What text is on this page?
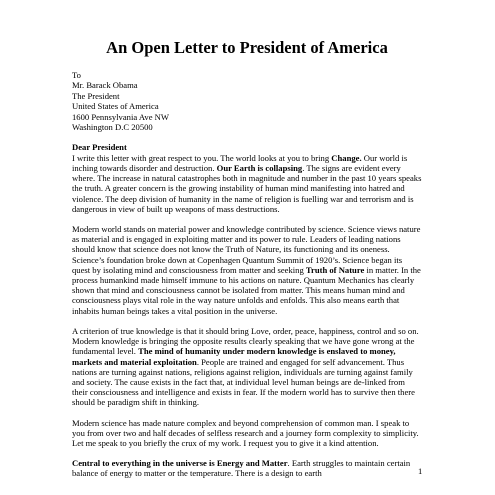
An Open Letter to President of America
To
Mr. Barack Obama
The President
United States of America
1600 Pennsylvania Ave NW
Washington D.C 20500
Dear President
I write this letter with great respect to you. The world looks at you to bring Change. Our world is inching towards disorder and destruction. Our Earth is collapsing. The signs are evident every where. The increase in natural catastrophes both in magnitude and number in the past 10 years speaks the truth. A greater concern is the growing instability of human mind manifesting into hatred and violence. The deep division of humanity in the name of religion is fuelling war and terrorism and is dangerous in view of built up weapons of mass destructions.
Modern world stands on material power and knowledge contributed by science. Science views nature as material and is engaged in exploiting matter and its power to rule. Leaders of leading nations should know that science does not know the Truth of Nature, its functioning and its oneness. Science’s foundation broke down at Copenhagen Quantum Summit of 1920’s. Science began its quest by isolating mind and consciousness from matter and seeking Truth of Nature in matter. In the process humankind made himself immune to his actions on nature. Quantum Mechanics has clearly shown that mind and consciousness cannot be isolated from matter. This means human mind and consciousness plays vital role in the way nature unfolds and enfolds. This also means earth that inhabits human beings takes a vital position in the universe.
A criterion of true knowledge is that it should bring Love, order, peace, happiness, control and so on. Modern knowledge is bringing the opposite results clearly speaking that we have gone wrong at the fundamental level. The mind of humanity under modern knowledge is enslaved to money, markets and material exploitation. People are trained and engaged for self advancement. Thus nations are turning against nations, religions against religion, individuals are turning against family and society. The cause exists in the fact that, at individual level human beings are de-linked from their consciousness and intelligence and exists in fear. If the modern world has to survive then there should be paradigm shift in thinking.
Modern science has made nature complex and beyond comprehension of common man. I speak to you from over two and half decades of selfless research and a journey form complexity to simplicity. Let me speak to you briefly the crux of my work. I request you to give it a kind attention.
Central to everything in the universe is Energy and Matter. Earth struggles to maintain certain balance of energy to matter or the temperature. There is a design to earth	1
